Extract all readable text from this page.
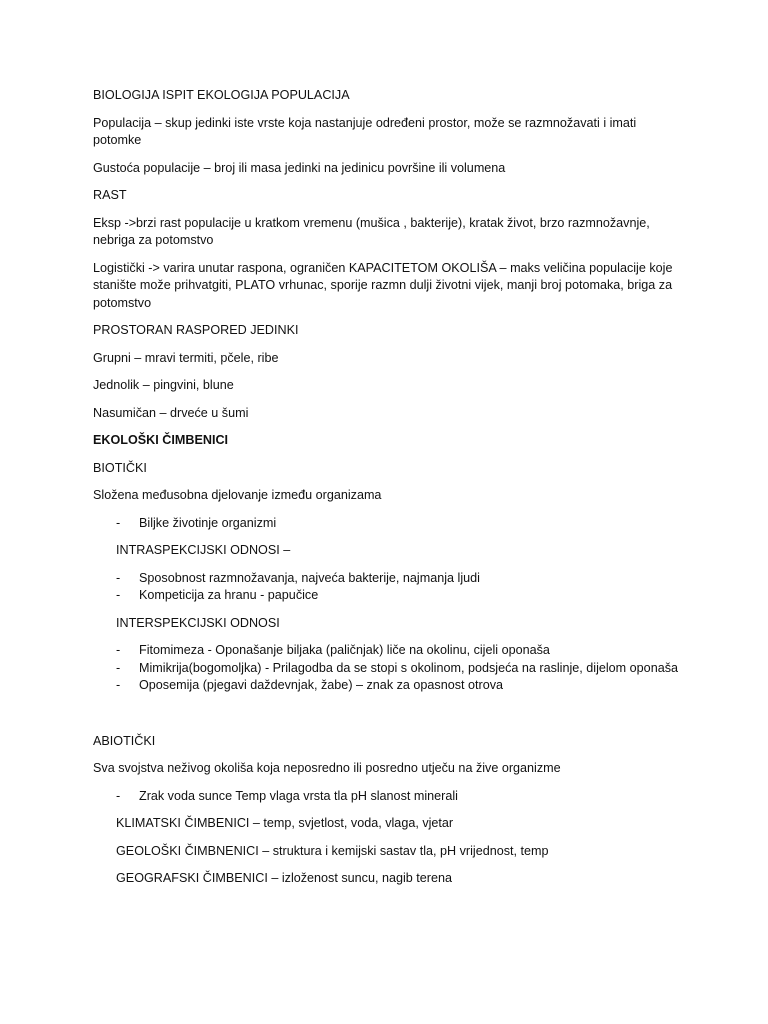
BIOLOGIJA ISPIT EKOLOGIJA POPULACIJA

Populacija – skup jedinki iste vrste koja nastanjuje određeni prostor, može se razmnožavati i imati potomke

Gustoća populacije – broj ili masa jedinki na jedinicu površine ili volumena

RAST

Eksp ->brzi rast populacije u kratkom vremenu (mušica , bakterije), kratak život, brzo razmnožavnje, nebriga za potomstvo

Logistički -> varira unutar raspona, ograničen KAPACITETOM OKOLIŠA – maks veličina populacije koje stanište može prihvatgiti, PLATO vrhunac, sporije razmn dulji životni vijek, manji broj potomaka, briga za potomstvo

PROSTORAN RASPORED JEDINKI

Grupni – mravi termiti, pčele, ribe

Jednolik – pingvini, blune

Nasumičan – drveće u šumi

EKOLOŠKI ČIMBENICI

BIOTIČKI

Složena međusobna djelovanje između organizama

- Biljke životinje organizmi

INTRASPEKCIJSKI ODNOSI –

- Sposobnost razmnožavanja, najveća bakterije, najmanja ljudi
- Kompeticija za hranu - papučice

INTERSPEKCIJSKI ODNOSI

- Fitomimeza - Oponašanje biljaka (paličnjak) liče na okolinu, cijeli oponaša
- Mimikrija(bogomoljka) - Prilagodba da se stopi s okolinom, podsjeća na raslinje, dijelom oponaša
- Oposemija (pjegavi daždevnjak, žabe) – znak za opasnost otrova

ABIOTIČKI

Sva svojstva neživog okoliša koja neposredno ili posredno utječu na žive organizme

- Zrak voda sunce Temp vlaga vrsta tla pH slanost minerali

KLIMATSKI ČIMBENICI – temp, svjetlost, voda, vlaga, vjetar

GEOLOŠKI ČIMBNENICI – struktura i kemijski sastav tla, pH vrijednost, temp

GEOGRAFSKI ČIMBENICI – izloženost suncu, nagib terena
